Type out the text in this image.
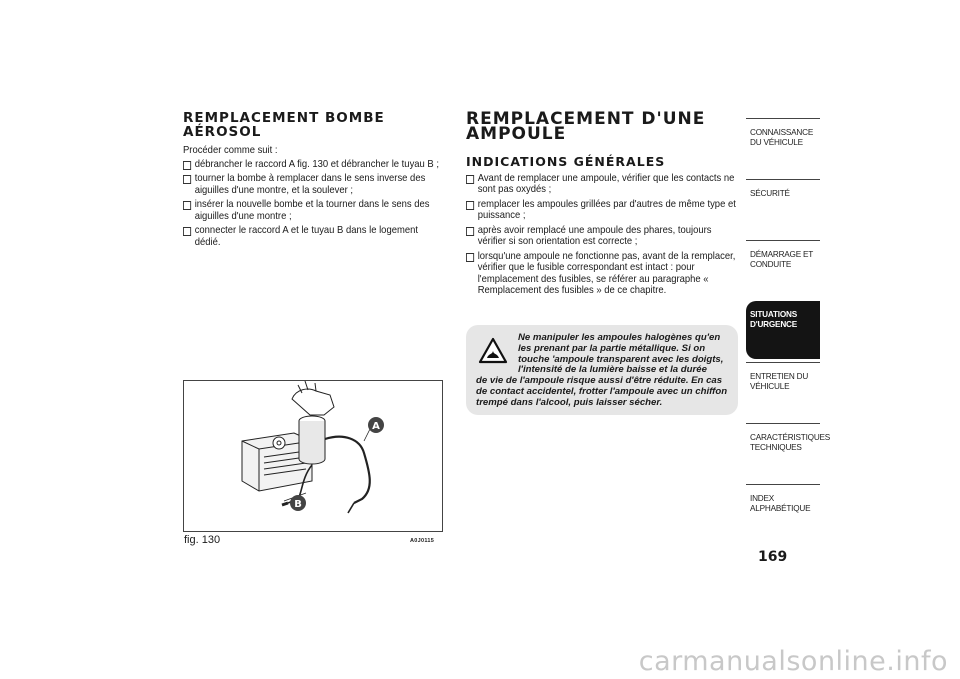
REMPLACEMENT BOMBE AÉROSOL

Procéder comme suit :

débrancher le raccord A fig. 130 et débrancher le tuyau B ;
tourner la bombe à remplacer dans le sens inverse des aiguilles d'une montre, et la soulever ;
insérer la nouvelle bombe et la tourner dans le sens des aiguilles d'une montre ;
connecter le raccord A et le tuyau B dans le logement dédié.
A
B
fig. 130	A0J0115
REMPLACEMENT D'UNE AMPOULE
INDICATIONS GÉNÉRALES
Avant de remplacer une ampoule, vérifier que les contacts ne sont pas oxydés ;
remplacer les ampoules grillées par d'autres de même type et puissance ;
après avoir remplacé une ampoule des phares, toujours vérifier si son orientation est correcte ;
lorsqu'une ampoule ne fonctionne pas, avant de la remplacer, vérifier que le fusible correspondant est intact : pour l'emplacement des fusibles, se référer au paragraphe « Remplacement des fusibles » de ce chapitre.
Ne manipuler les ampoules halogènes qu'en les prenant par la partie métallique. Si on touche 'ampoule transparent avec les doigts, l'intensité de la lumière baisse et la durée
de vie de l'ampoule risque aussi d'être réduite. En cas de contact accidentel, frotter l'ampoule avec un chiffon trempé dans l'alcool, puis laisser sécher.
CONNAISSANCE DU VÉHICULE
SÉCURITÉ
DÉMARRAGE ET CONDUITE
SITUATIONS D'URGENCE
ENTRETIEN DU VÉHICULE
CARACTÉRISTIQUES TECHNIQUES
INDEX ALPHABÉTIQUE
169
carmanualsonline.info
